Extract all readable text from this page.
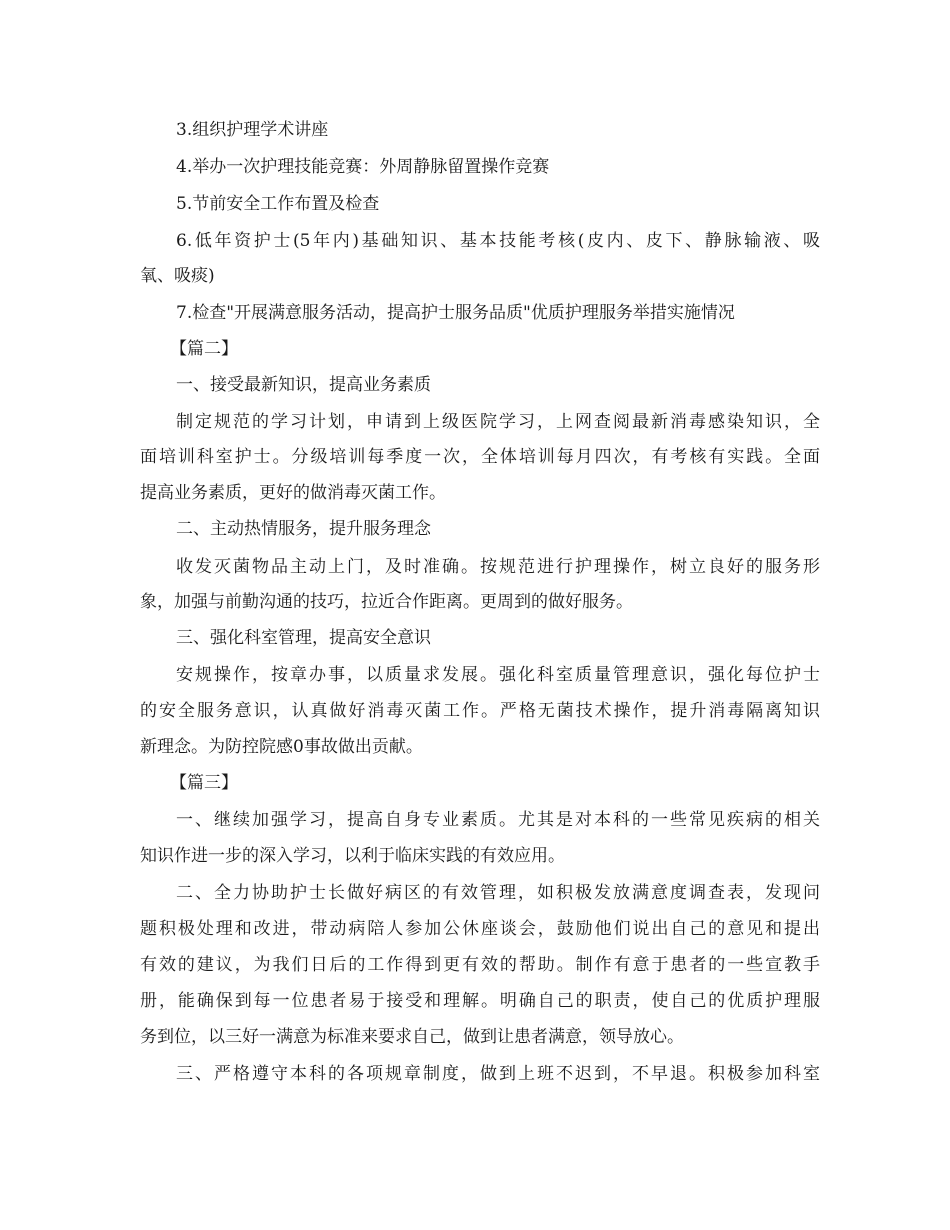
3.组织护理学术讲座
4.举办一次护理技能竞赛：外周静脉留置操作竞赛
5.节前安全工作布置及检查
6.低年资护士(5年内)基础知识、基本技能考核(皮内、皮下、静脉输液、吸
氧、吸痰)
7.检查"开展满意服务活动，提高护士服务品质"优质护理服务举措实施情况
【篇二】
一、接受最新知识，提高业务素质
制定规范的学习计划，申请到上级医院学习，上网查阅最新消毒感染知识，全
面培训科室护士。分级培训每季度一次，全体培训每月四次，有考核有实践。全面
提高业务素质，更好的做消毒灭菌工作。
二、主动热情服务，提升服务理念
收发灭菌物品主动上门，及时准确。按规范进行护理操作，树立良好的服务形
象，加强与前勤沟通的技巧，拉近合作距离。更周到的做好服务。
三、强化科室管理，提高安全意识
安规操作，按章办事，以质量求发展。强化科室质量管理意识，强化每位护士
的安全服务意识，认真做好消毒灭菌工作。严格无菌技术操作，提升消毒隔离知识
新理念。为防控院感0事故做出贡献。
【篇三】
一、继续加强学习，提高自身专业素质。尤其是对本科的一些常见疾病的相关
知识作进一步的深入学习，以利于临床实践的有效应用。
二、全力协助护士长做好病区的有效管理，如积极发放满意度调查表，发现问
题积极处理和改进，带动病陪人参加公休座谈会，鼓励他们说出自己的意见和提出
有效的建议，为我们日后的工作得到更有效的帮助。制作有意于患者的一些宣教手
册，能确保到每一位患者易于接受和理解。明确自己的职责，使自己的优质护理服
务到位，以三好一满意为标准来要求自己，做到让患者满意，领导放心。
三、严格遵守本科的各项规章制度，做到上班不迟到，不早退。积极参加科室
